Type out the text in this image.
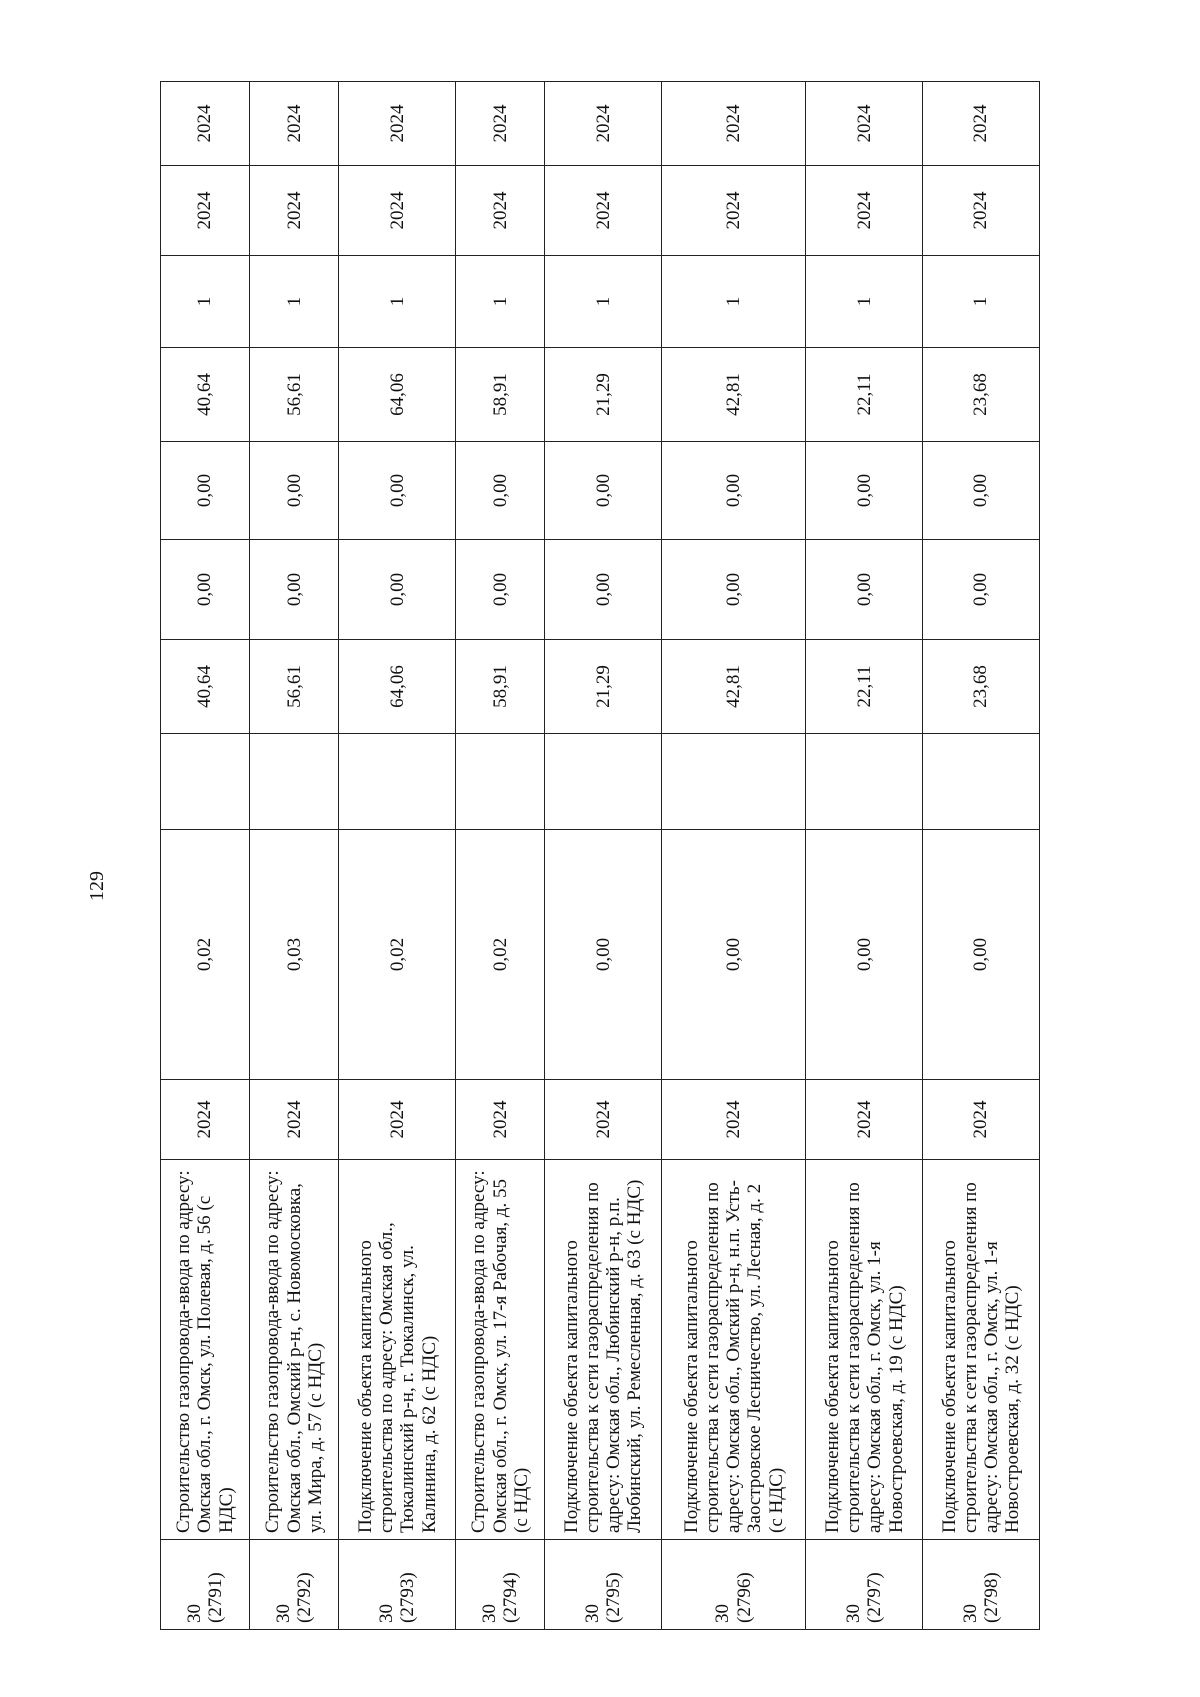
129
30 (2791)	Строительство газопровода-ввода по адресу: Омская обл., г. Омск, ул. Полевая, д. 56 (с НДС)	2024	0,02		40,64	0,00	0,00	40,64	1	2024	2024

30 (2792)	Строительство газопровода-ввода по адресу: Омская обл., Омский р-н, с. Новомосковка, ул. Мира, д. 57 (с НДС)	2024	0,03		56,61	0,00	0,00	56,61	1	2024	2024

30 (2793)	Подключение объекта капитального строительства по адресу: Омская обл., Тюкалинский р-н, г. Тюкалинск, ул. Калинина, д. 62 (с НДС)	2024	0,02		64,06	0,00	0,00	64,06	1	2024	2024

30 (2794)	Строительство газопровода-ввода по адресу: Омская обл., г. Омск, ул. 17-я Рабочая, д. 55 (с НДС)	2024	0,02		58,91	0,00	0,00	58,91	1	2024	2024

30 (2795)	Подключение объекта капитального строительства к сети газораспределения по адресу: Омская обл., Любинский р-н, р.п. Любинский, ул. Ремесленная, д. 63 (с НДС)	2024	0,00		21,29	0,00	0,00	21,29	1	2024	2024

30 (2796)	Подключение объекта капитального строительства к сети газораспределения по адресу: Омская обл., Омский р-н, н.п. Усть-Заостровское Лесничество, ул. Лесная, д. 2 (с НДС)	2024	0,00		42,81	0,00	0,00	42,81	1	2024	2024

30 (2797)	Подключение объекта капитального строительства к сети газораспределения по адресу: Омская обл., г. Омск, ул. 1-я Новостроевская, д. 19 (с НДС)	2024	0,00		22,11	0,00	0,00	22,11	1	2024	2024

30 (2798)	Подключение объекта капитального строительства к сети газораспределения по адресу: Омская обл., г. Омск, ул. 1-я Новостроевская, д. 32 (с НДС)	2024	0,00		23,68	0,00	0,00	23,68	1	2024	2024
